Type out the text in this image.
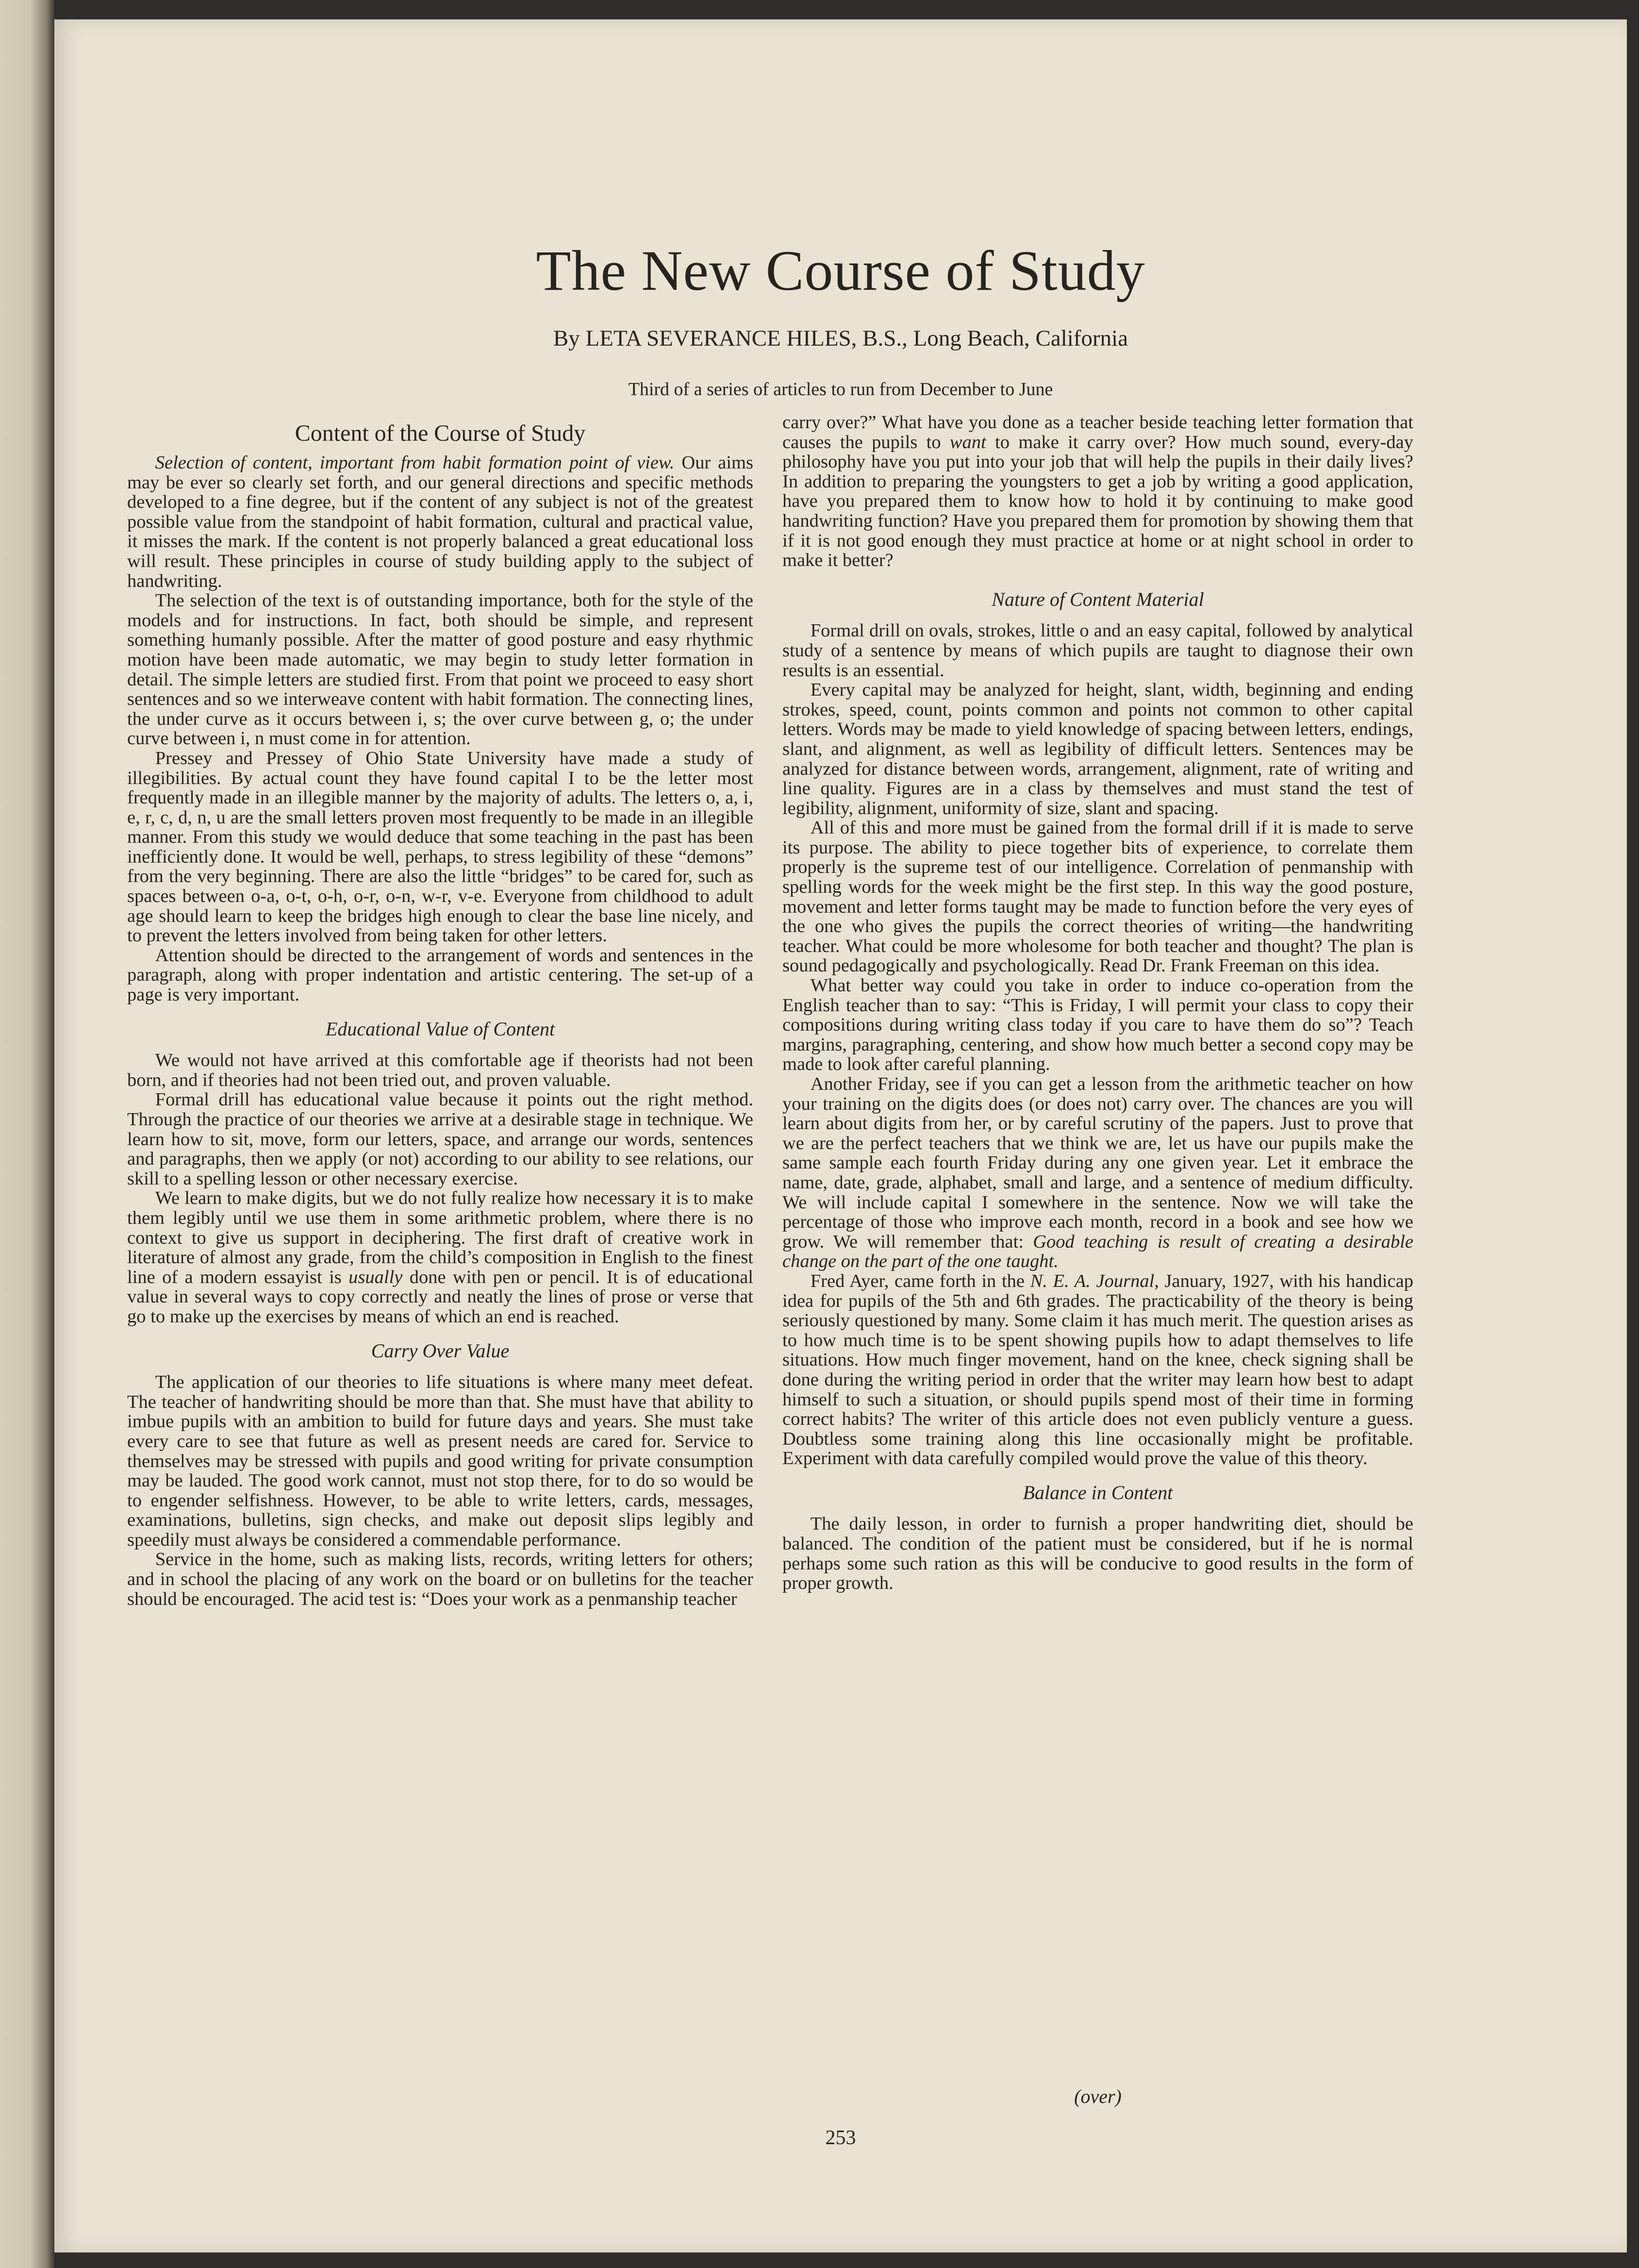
The New Course of Study

By LETA SEVERANCE HILES, B.S., Long Beach, California

Third of a series of articles to run from December to June

Content of the Course of Study

Selection of content, important from habit formation point of view. Our aims may be ever so clearly set forth, and our general directions and specific methods developed to a fine degree, but if the content of any subject is not of the greatest possible value from the standpoint of habit formation, cultural and practical value, it misses the mark. If the content is not properly balanced a great educational loss will result. These principles in course of study building apply to the subject of handwriting.

The selection of the text is of outstanding importance, both for the style of the models and for instructions. In fact, both should be simple, and represent something humanly possible. After the matter of good posture and easy rhythmic motion have been made automatic, we may begin to study letter formation in detail. The simple letters are studied first. From that point we proceed to easy short sentences and so we interweave content with habit formation. The connecting lines, the under curve as it occurs between i, s; the over curve between g, o; the under curve between i, n must come in for attention.

Pressey and Pressey of Ohio State University have made a study of illegibilities. By actual count they have found capital I to be the letter most frequently made in an illegible manner by the majority of adults. The letters o, a, i, e, r, c, d, n, u are the small letters proven most frequently to be made in an illegible manner. From this study we would deduce that some teaching in the past has been inefficiently done. It would be well, perhaps, to stress legibility of these “demons” from the very beginning. There are also the little “bridges” to be cared for, such as spaces between o-a, o-t, o-h, o-r, o-n, w-r, v-e. Everyone from childhood to adult age should learn to keep the bridges high enough to clear the base line nicely, and to prevent the letters involved from being taken for other letters.

Attention should be directed to the arrangement of words and sentences in the paragraph, along with proper indentation and artistic centering. The set-up of a page is very important.

Educational Value of Content

We would not have arrived at this comfortable age if theorists had not been born, and if theories had not been tried out, and proven valuable.

Formal drill has educational value because it points out the right method. Through the practice of our theories we arrive at a desirable stage in technique. We learn how to sit, move, form our letters, space, and arrange our words, sentences and paragraphs, then we apply (or not) according to our ability to see relations, our skill to a spelling lesson or other necessary exercise.

We learn to make digits, but we do not fully realize how necessary it is to make them legibly until we use them in some arithmetic problem, where there is no context to give us support in deciphering. The first draft of creative work in literature of almost any grade, from the child’s composition in English to the finest line of a modern essayist is usually done with pen or pencil. It is of educational value in several ways to copy correctly and neatly the lines of prose or verse that go to make up the exercises by means of which an end is reached.

Carry Over Value

The application of our theories to life situations is where many meet defeat. The teacher of handwriting should be more than that. She must have that ability to imbue pupils with an ambition to build for future days and years. She must take every care to see that future as well as present needs are cared for. Service to themselves may be stressed with pupils and good writing for private consumption may be lauded. The good work cannot, must not stop there, for to do so would be to engender selfishness. However, to be able to write letters, cards, messages, examinations, bulletins, sign checks, and make out deposit slips legibly and speedily must always be considered a commendable performance.

Service in the home, such as making lists, records, writing letters for others; and in school the placing of any work on the board or on bulletins for the teacher should be encouraged. The acid test is: “Does your work as a penmanship teacher

carry over?” What have you done as a teacher beside teaching letter formation that causes the pupils to want to make it carry over? How much sound, every-day philosophy have you put into your job that will help the pupils in their daily lives? In addition to preparing the youngsters to get a job by writing a good application, have you prepared them to know how to hold it by continuing to make good handwriting function? Have you prepared them for promotion by showing them that if it is not good enough they must practice at home or at night school in order to make it better?

Nature of Content Material

Formal drill on ovals, strokes, little o and an easy capital, followed by analytical study of a sentence by means of which pupils are taught to diagnose their own results is an essential.

Every capital may be analyzed for height, slant, width, beginning and ending strokes, speed, count, points common and points not common to other capital letters. Words may be made to yield knowledge of spacing between letters, endings, slant, and alignment, as well as legibility of difficult letters. Sentences may be analyzed for distance between words, arrangement, alignment, rate of writing and line quality. Figures are in a class by themselves and must stand the test of legibility, alignment, uniformity of size, slant and spacing.

All of this and more must be gained from the formal drill if it is made to serve its purpose. The ability to piece together bits of experience, to correlate them properly is the supreme test of our intelligence. Correlation of penmanship with spelling words for the week might be the first step. In this way the good posture, movement and letter forms taught may be made to function before the very eyes of the one who gives the pupils the correct theories of writing—the handwriting teacher. What could be more wholesome for both teacher and thought? The plan is sound pedagogically and psychologically. Read Dr. Frank Freeman on this idea.

What better way could you take in order to induce co-operation from the English teacher than to say: “This is Friday, I will permit your class to copy their compositions during writing class today if you care to have them do so”? Teach margins, paragraphing, centering, and show how much better a second copy may be made to look after careful planning.

Another Friday, see if you can get a lesson from the arithmetic teacher on how your training on the digits does (or does not) carry over. The chances are you will learn about digits from her, or by careful scrutiny of the papers. Just to prove that we are the perfect teachers that we think we are, let us have our pupils make the same sample each fourth Friday during any one given year. Let it embrace the name, date, grade, alphabet, small and large, and a sentence of medium difficulty. We will include capital I somewhere in the sentence. Now we will take the percentage of those who improve each month, record in a book and see how we grow. We will remember that: Good teaching is result of creating a desirable change on the part of the one taught.

Fred Ayer, came forth in the N. E. A. Journal, January, 1927, with his handicap idea for pupils of the 5th and 6th grades. The practicability of the theory is being seriously questioned by many. Some claim it has much merit. The question arises as to how much time is to be spent showing pupils how to adapt themselves to life situations. How much finger movement, hand on the knee, check signing shall be done during the writing period in order that the writer may learn how best to adapt himself to such a situation, or should pupils spend most of their time in forming correct habits? The writer of this article does not even publicly venture a guess. Doubtless some training along this line occasionally might be profitable. Experiment with data carefully compiled would prove the value of this theory.

Balance in Content

The daily lesson, in order to furnish a proper handwriting diet, should be balanced. The condition of the patient must be considered, but if he is normal perhaps some such ration as this will be conducive to good results in the form of proper growth.

(over)
253
